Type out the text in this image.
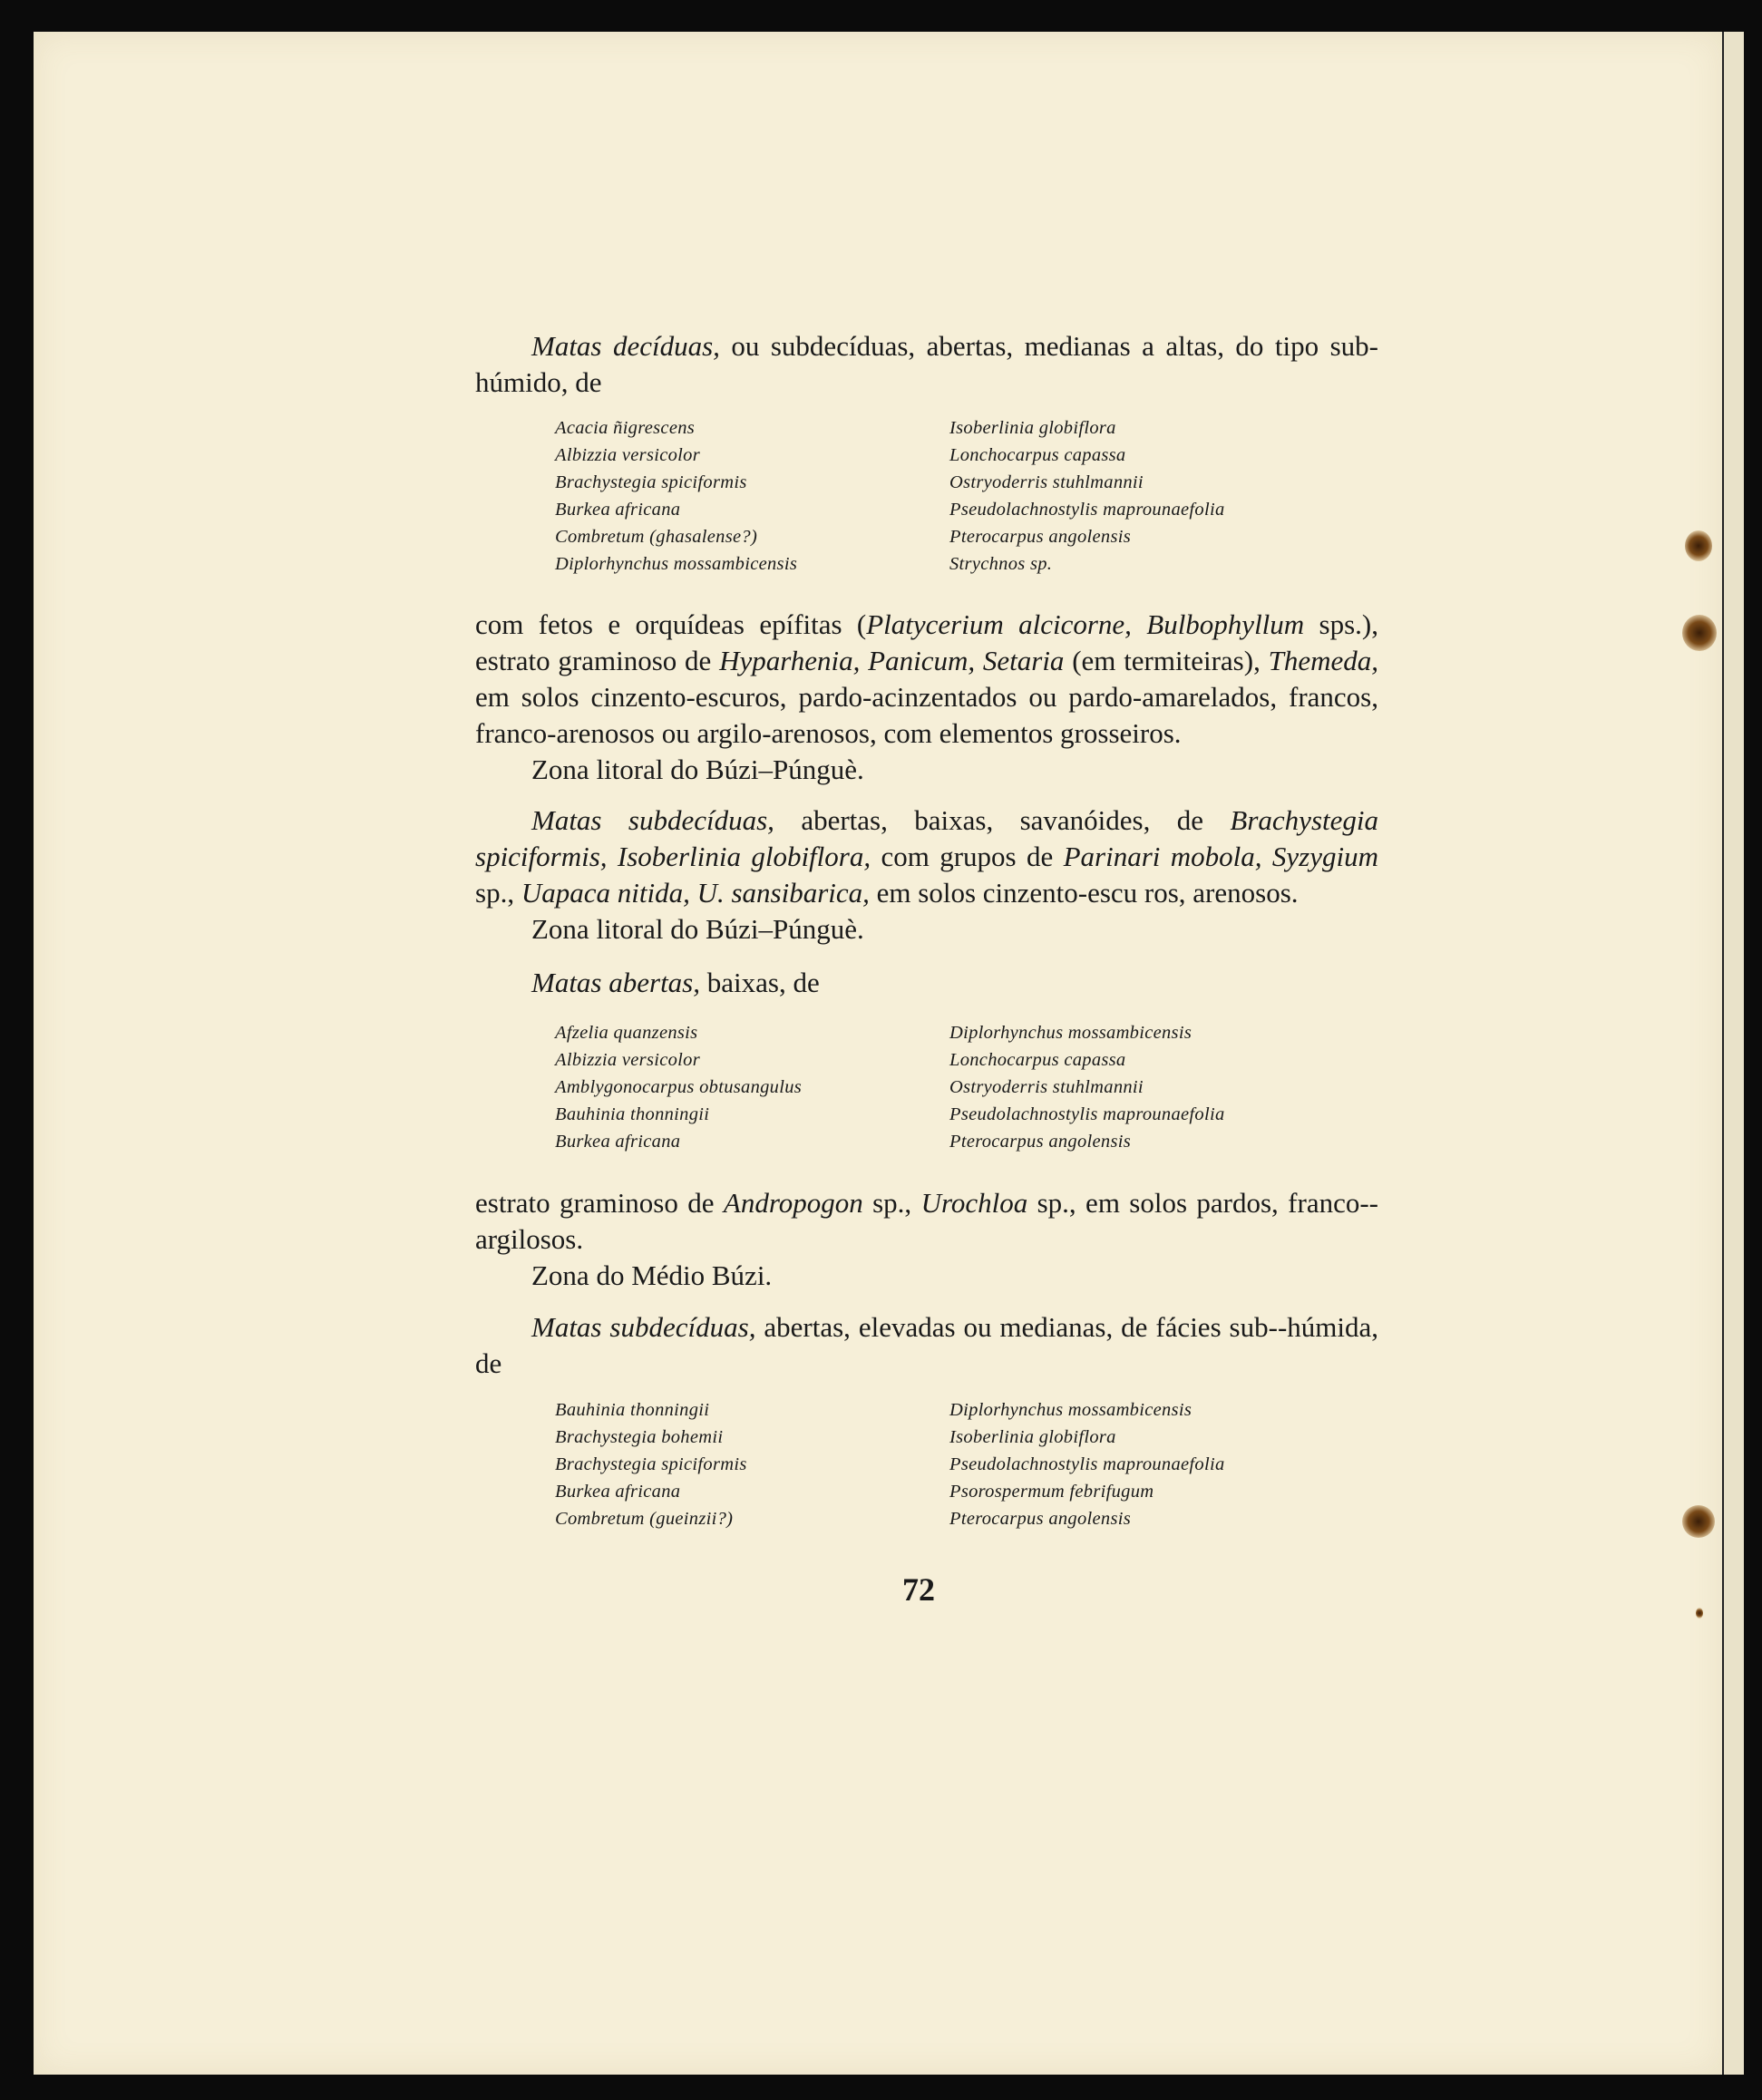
Matas decíduas, ou subdecíduas, abertas, medianas a altas, do tipo sub-húmido, de

Acacia ñigrescens	Isoberlinia globiflora
Albizzia versicolor	Lonchocarpus capassa
Brachystegia spiciformis	Ostryoderris stuhlmannii
Burkea africana	Pseudolachnostylis maprounaefolia
Combretum (ghasalense?)	Pterocarpus angolensis
Diplorhynchus mossambicensis	Strychnos sp.

com fetos e orquídeas epífitas (Platycerium alcicorne, Bulbophyllum sps.), estrato graminoso de Hyparhenia, Panicum, Setaria (em termiteiras), Themeda, em solos cinzento-escuros, pardo-acinzentados ou pardo-amarelados, francos, franco-arenosos ou argilo-arenosos, com elementos grosseiros.

Zona litoral do Búzi–Púnguè.

Matas subdecíduas, abertas, baixas, savanóides, de Brachystegia spiciformis, Isoberlinia globiflora, com grupos de Parinari mobola, Syzygium sp., Uapaca nitida, U. sansibarica, em solos cinzento-escu ros, arenosos.

Zona litoral do Búzi–Púnguè.

Matas abertas, baixas, de

Afzelia quanzensis	Diplorhynchus mossambicensis
Albizzia versicolor	Lonchocarpus capassa
Amblygonocarpus obtusangulus	Ostryoderris stuhlmannii
Bauhinia thonningii	Pseudolachnostylis maprounaefolia
Burkea africana	Pterocarpus angolensis

estrato graminoso de Andropogon sp., Urochloa sp., em solos pardos, franco--argilosos.

Zona do Médio Búzi.

Matas subdecíduas, abertas, elevadas ou medianas, de fácies sub--húmida, de

Bauhinia thonningii	Diplorhynchus mossambicensis
Brachystegia bohemii	Isoberlinia globiflora
Brachystegia spiciformis	Pseudolachnostylis maprounaefolia
Burkea africana	Psorospermum febrifugum
Combretum (gueinzii?)	Pterocarpus angolensis
72
